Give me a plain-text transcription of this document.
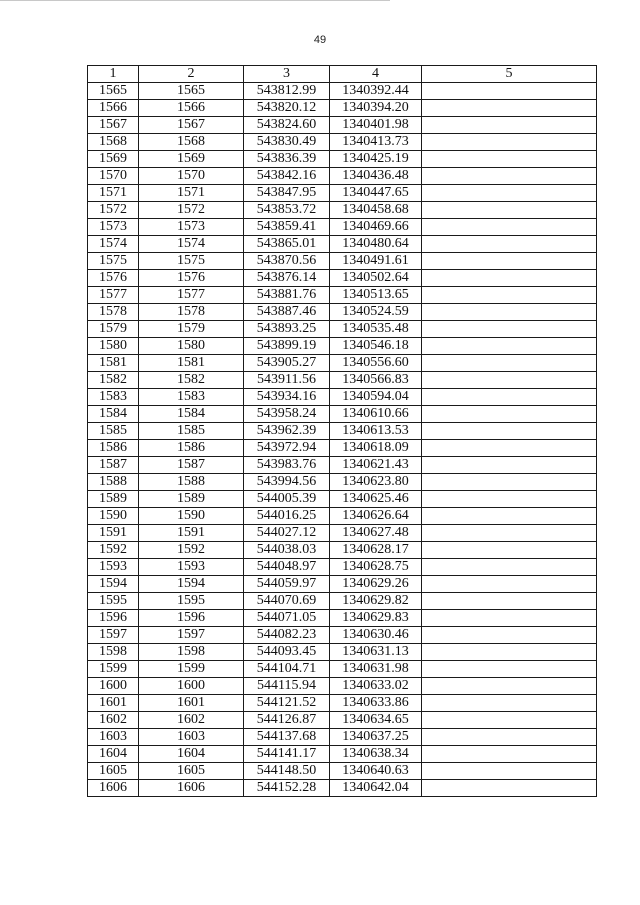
49
1	2	3	4	5
1565	1565	543812.99	1340392.44	
1566	1566	543820.12	1340394.20	
1567	1567	543824.60	1340401.98	
1568	1568	543830.49	1340413.73	
1569	1569	543836.39	1340425.19	
1570	1570	543842.16	1340436.48	
1571	1571	543847.95	1340447.65	
1572	1572	543853.72	1340458.68	
1573	1573	543859.41	1340469.66	
1574	1574	543865.01	1340480.64	
1575	1575	543870.56	1340491.61	
1576	1576	543876.14	1340502.64	
1577	1577	543881.76	1340513.65	
1578	1578	543887.46	1340524.59	
1579	1579	543893.25	1340535.48	
1580	1580	543899.19	1340546.18	
1581	1581	543905.27	1340556.60	
1582	1582	543911.56	1340566.83	
1583	1583	543934.16	1340594.04	
1584	1584	543958.24	1340610.66	
1585	1585	543962.39	1340613.53	
1586	1586	543972.94	1340618.09	
1587	1587	543983.76	1340621.43	
1588	1588	543994.56	1340623.80	
1589	1589	544005.39	1340625.46	
1590	1590	544016.25	1340626.64	
1591	1591	544027.12	1340627.48	
1592	1592	544038.03	1340628.17	
1593	1593	544048.97	1340628.75	
1594	1594	544059.97	1340629.26	
1595	1595	544070.69	1340629.82	
1596	1596	544071.05	1340629.83	
1597	1597	544082.23	1340630.46	
1598	1598	544093.45	1340631.13	
1599	1599	544104.71	1340631.98	
1600	1600	544115.94	1340633.02	
1601	1601	544121.52	1340633.86	
1602	1602	544126.87	1340634.65	
1603	1603	544137.68	1340637.25	
1604	1604	544141.17	1340638.34	
1605	1605	544148.50	1340640.63	
1606	1606	544152.28	1340642.04	
